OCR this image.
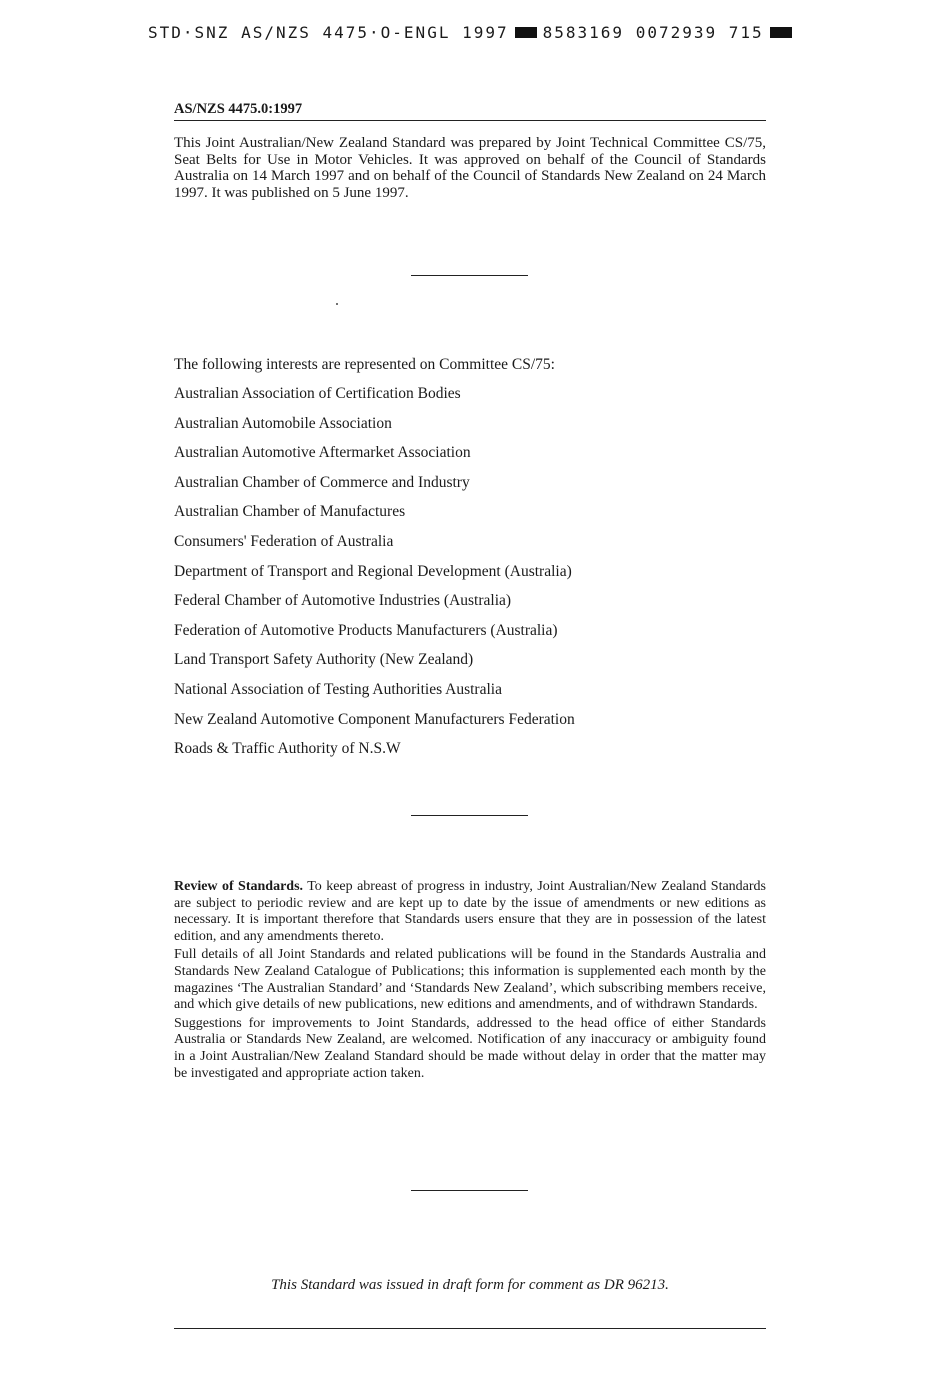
STD·SNZ AS/NZS 4475·O-ENGL 1997 8583169 0072939 715
AS/NZS 4475.0:1997

This Joint Australian/New Zealand Standard was prepared by Joint Technical Committee CS/75, Seat Belts for Use in Motor Vehicles. It was approved on behalf of the Council of Standards Australia on 14 March 1997 and on behalf of the Council of Standards New Zealand on 24 March 1997. It was published on 5 June 1997.

The following interests are represented on Committee CS/75:

Australian Association of Certification Bodies
Australian Automobile Association
Australian Automotive Aftermarket Association
Australian Chamber of Commerce and Industry
Australian Chamber of Manufactures
Consumers' Federation of Australia
Department of Transport and Regional Development (Australia)
Federal Chamber of Automotive Industries (Australia)
Federation of Automotive Products Manufacturers (Australia)
Land Transport Safety Authority (New Zealand)
National Association of Testing Authorities Australia
New Zealand Automotive Component Manufacturers Federation
Roads & Traffic Authority of N.S.W

Review of Standards. To keep abreast of progress in industry, Joint Australian/New Zealand Standards are subject to periodic review and are kept up to date by the issue of amendments or new editions as necessary. It is important therefore that Standards users ensure that they are in possession of the latest edition, and any amendments thereto.

Full details of all Joint Standards and related publications will be found in the Standards Australia and Standards New Zealand Catalogue of Publications; this information is supplemented each month by the magazines ‘The Australian Standard’ and ‘Standards New Zealand’, which subscribing members receive, and which give details of new publications, new editions and amendments, and of withdrawn Standards.

Suggestions for improvements to Joint Standards, addressed to the head office of either Standards Australia or Standards New Zealand, are welcomed. Notification of any inaccuracy or ambiguity found in a Joint Australian/New Zealand Standard should be made without delay in order that the matter may be investigated and appropriate action taken.

This Standard was issued in draft form for comment as DR 96213.
